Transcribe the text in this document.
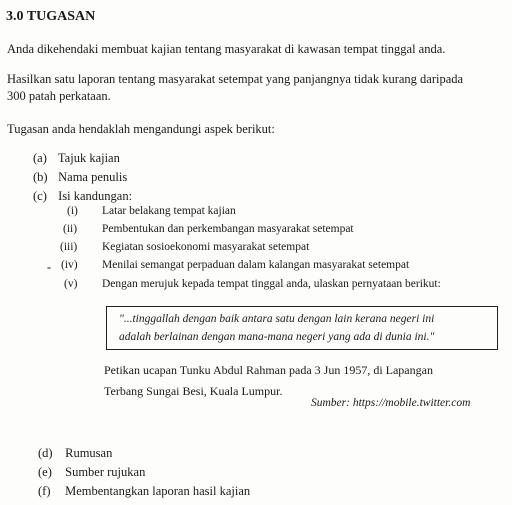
3.0 TUGASAN
Anda dikehendaki membuat kajian tentang masyarakat di kawasan tempat tinggal anda.
Hasilkan satu laporan tentang masyarakat setempat yang panjangnya tidak kurang daripada
300 patah perkataan.
Tugasan anda hendaklah mengandungi aspek berikut:
(a) Tajuk kajian
(b) Nama penulis
(c) Isi kandungan:
(i)	Latar belakang tempat kajian
(ii)	Pembentukan dan perkembangan masyarakat setempat
(iii)	Kegiatan sosioekonomi masyarakat setempat
- (iv)	Menilai semangat perpaduan dalam kalangan masyarakat setempat
(v)	Dengan merujuk kepada tempat tinggal anda, ulaskan pernyataan berikut:
"...tinggallah dengan baik antara satu dengan lain kerana negeri ini
adalah berlainan dengan mana-mana negeri yang ada di dunia ini."
Petikan ucapan Tunku Abdul Rahman pada 3 Jun 1957, di Lapangan
Terbang Sungai Besi, Kuala Lumpur.
Sumber: https://mobile.twitter.com
(d) Rumusan
(e) Sumber rujukan
(f) Membentangkan laporan hasil kajian
